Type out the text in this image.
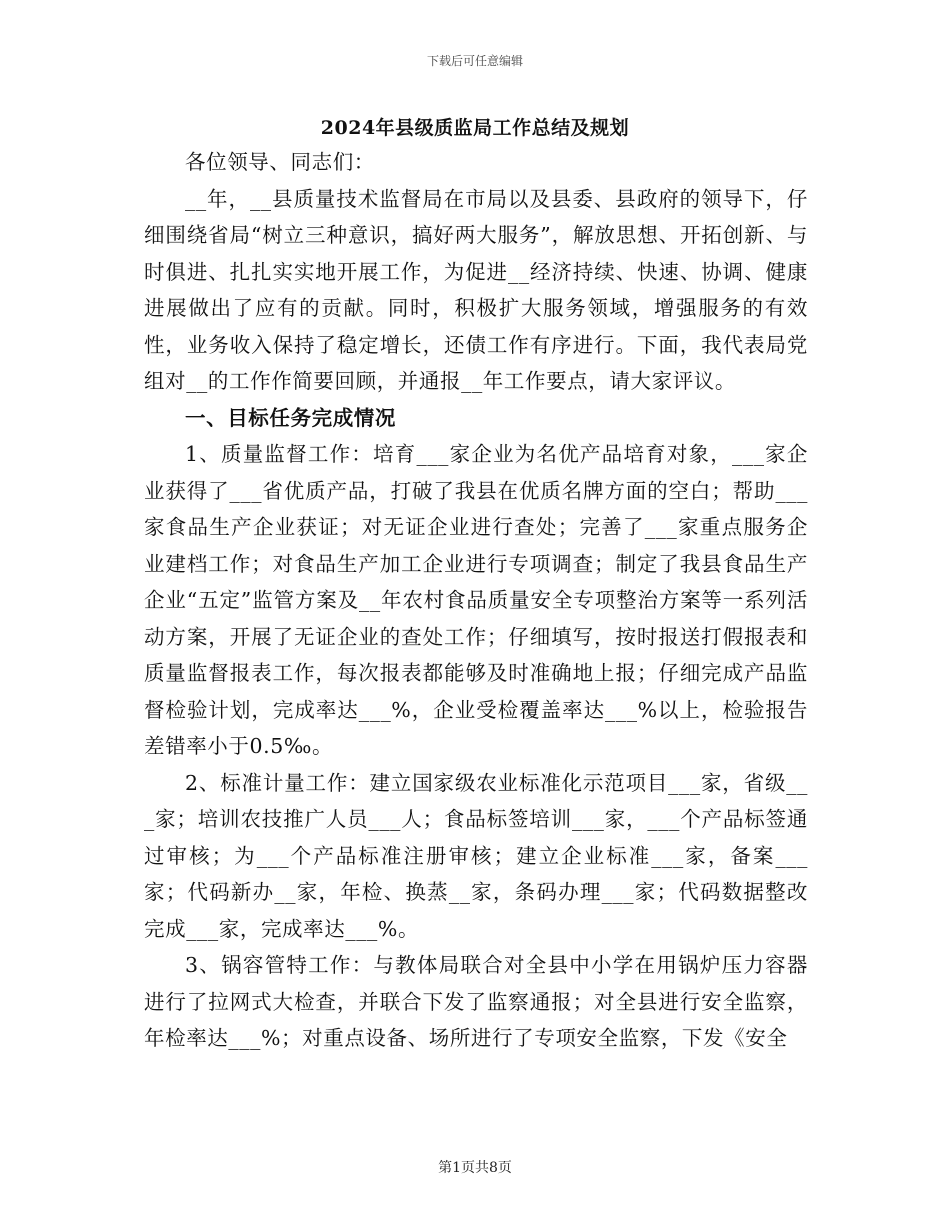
下载后可任意编辑
2024年县级质监局工作总结及规划

各位领导、同志们：

__年，__县质量技术监督局在市局以及县委、县政府的领导下，仔细围绕省局“树立三种意识，搞好两大服务”，解放思想、开拓创新、与时俱进、扎扎实实地开展工作，为促进__经济持续、快速、协调、健康进展做出了应有的贡献。同时，积极扩大服务领域，增强服务的有效性，业务收入保持了稳定增长，还债工作有序进行。下面，我代表局党组对__的工作作简要回顾，并通报__年工作要点，请大家评议。

一、目标任务完成情况

1、质量监督工作：培育___家企业为名优产品培育对象，___家企业获得了___省优质产品，打破了我县在优质名牌方面的空白；帮助___家食品生产企业获证；对无证企业进行查处；完善了___家重点服务企业建档工作；对食品生产加工企业进行专项调查；制定了我县食品生产企业“五定”监管方案及__年农村食品质量安全专项整治方案等一系列活动方案，开展了无证企业的查处工作；仔细填写，按时报送打假报表和质量监督报表工作，每次报表都能够及时准确地上报；仔细完成产品监督检验计划，完成率达___%，企业受检覆盖率达___%以上，检验报告差错率小于0.5‰。

2、标准计量工作：建立国家级农业标准化示范项目___家，省级___家；培训农技推广人员___人；食品标签培训___家，___个产品标签通过审核；为___个产品标准注册审核；建立企业标准___家，备案___家；代码新办__家，年检、换蒸__家，条码办理___家；代码数据整改完成___家，完成率达___%。

3、锅容管特工作：与教体局联合对全县中小学在用锅炉压力容器进行了拉网式大检查，并联合下发了监察通报；对全县进行安全监察，年检率达___%；对重点设备、场所进行了专项安全监察，下发《安全

第1页共8页
